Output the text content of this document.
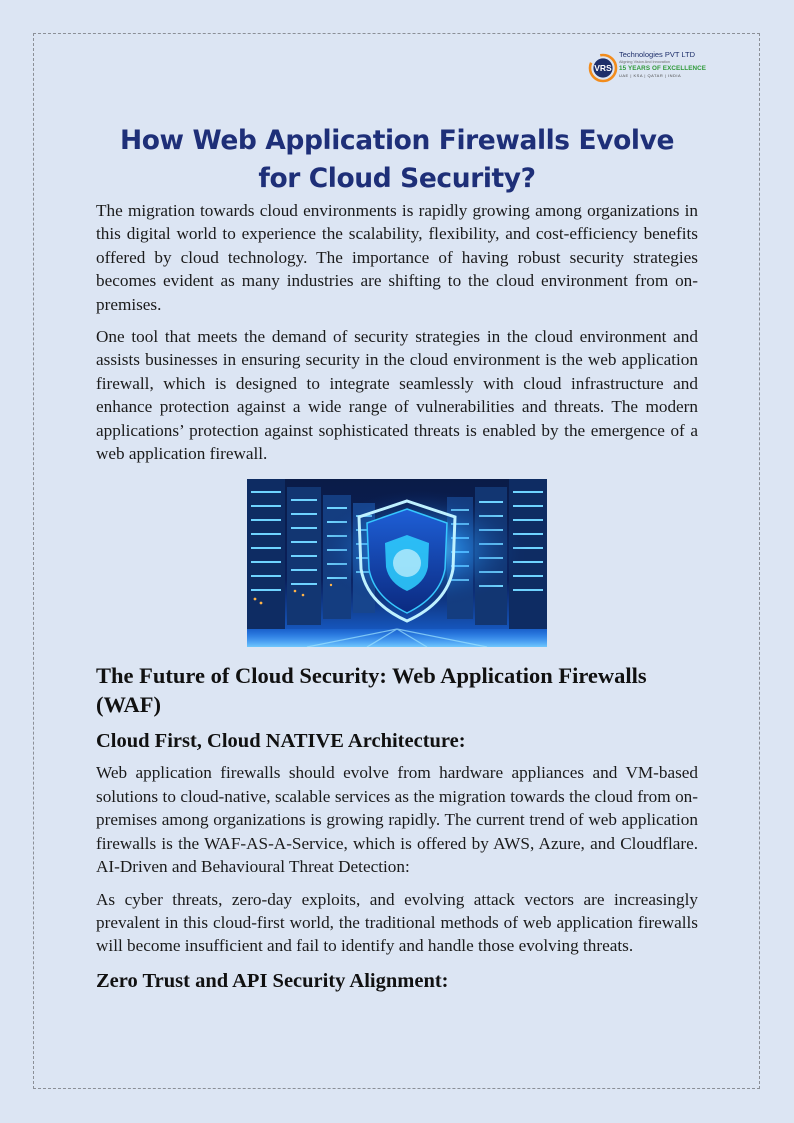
VRS
Technologies PVT LTD
Aligning Vision And Innovation
15 YEARS OF EXCELLENCE
UAE | KSA | QATAR | INDIA
How Web Application Firewalls Evolve for Cloud Security?

The migration towards cloud environments is rapidly growing among organizations in this digital world to experience the scalability, flexibility, and cost-efficiency benefits offered by cloud technology. The importance of having robust security strategies becomes evident as many industries are shifting to the cloud environment from on-premises.

One tool that meets the demand of security strategies in the cloud environment and assists businesses in ensuring security in the cloud environment is the web application firewall, which is designed to integrate seamlessly with cloud infrastructure and enhance protection against a wide range of vulnerabilities and threats. The modern applications’ protection against sophisticated threats is enabled by the emergence of a web application firewall.

The Future of Cloud Security: Web Application Firewalls (WAF)
Cloud First, Cloud NATIVE Architecture:

Web application firewalls should evolve from hardware appliances and VM-based solutions to cloud-native, scalable services as the migration towards the cloud from on-premises among organizations is growing rapidly. The current trend of web application firewalls is the WAF-AS-A-Service, which is offered by AWS, Azure, and Cloudflare. AI-Driven and Behavioural Threat Detection:

As cyber threats, zero-day exploits, and evolving attack vectors are increasingly prevalent in this cloud-first world, the traditional methods of web application firewalls will become insufficient and fail to identify and handle those evolving threats.

Zero Trust and API Security Alignment:
